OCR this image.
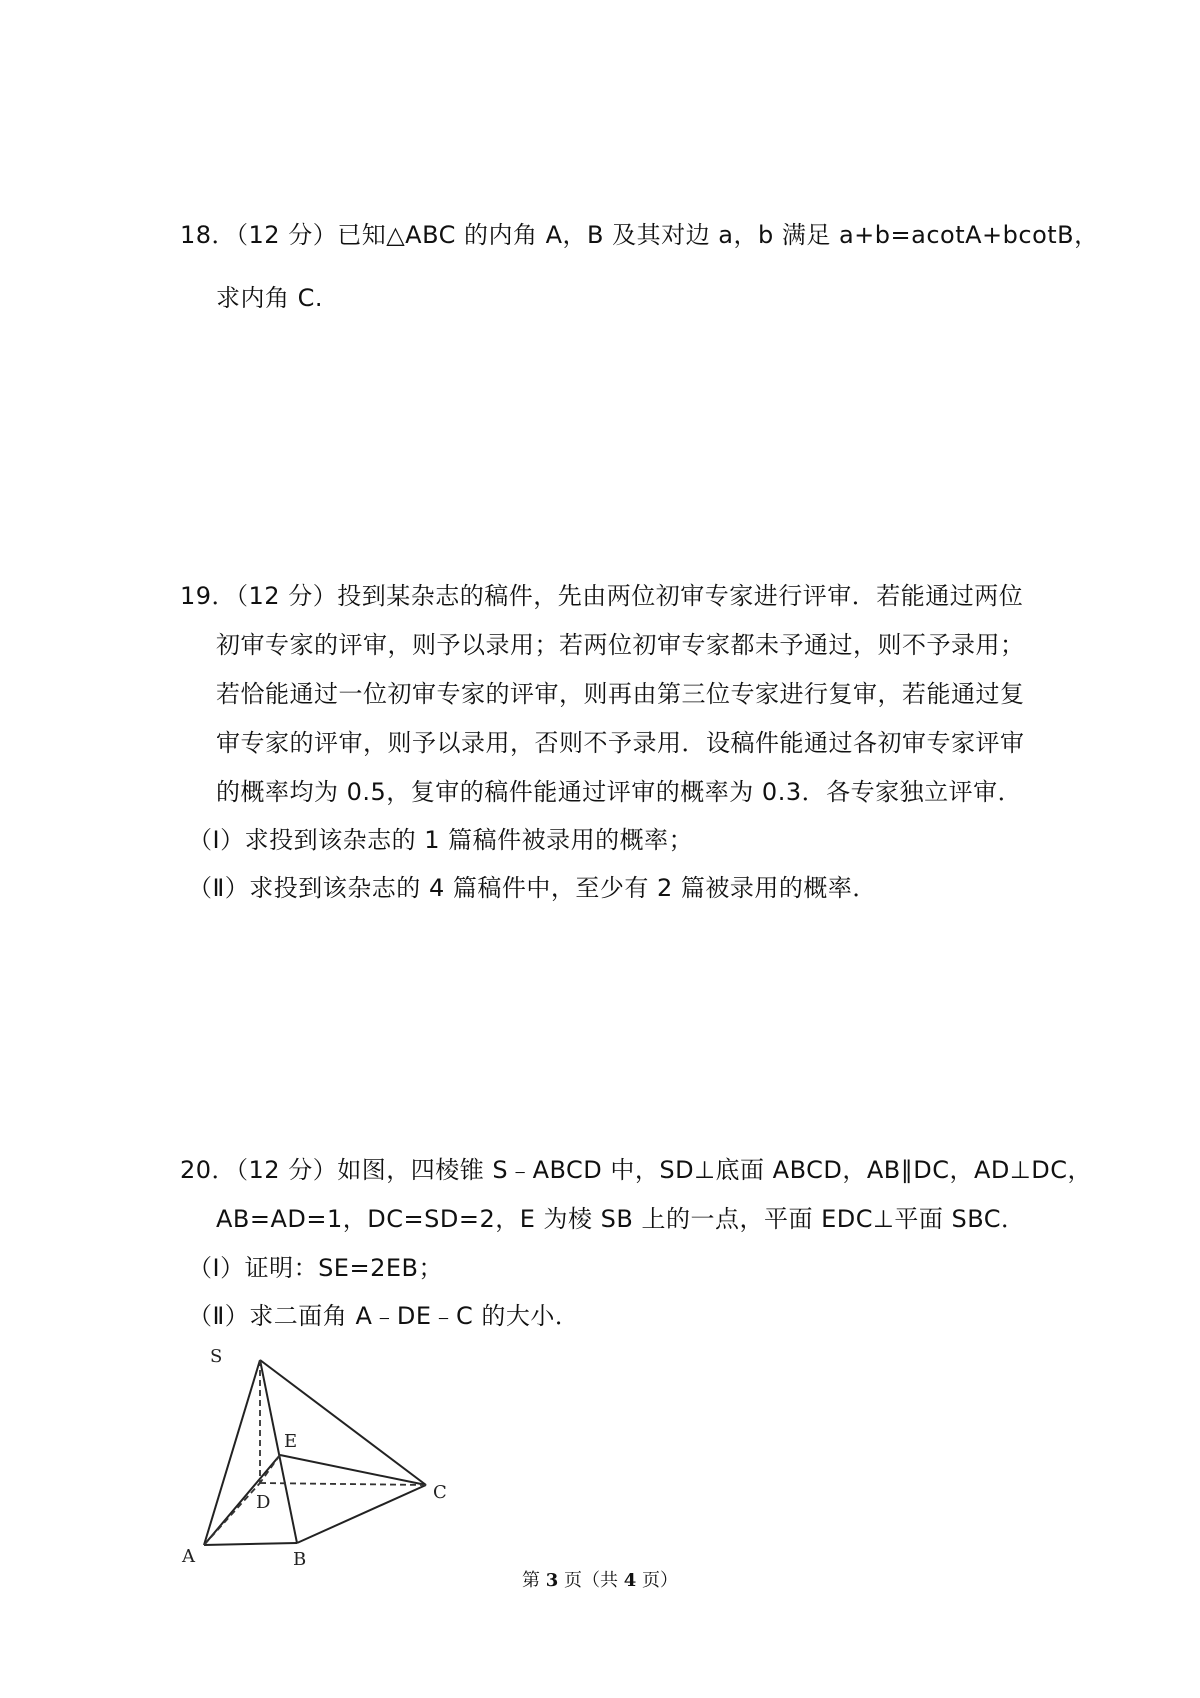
18．（12 分）已知△ABC 的内角 A，B 及其对边 a，b 满足 a+b=acotA+bcotB，
求内角 C.
19．（12 分）投到某杂志的稿件，先由两位初审专家进行评审．若能通过两位
初审专家的评审，则予以录用；若两位初审专家都未予通过，则不予录用；
若恰能通过一位初审专家的评审，则再由第三位专家进行复审，若能通过复
审专家的评审，则予以录用，否则不予录用．设稿件能通过各初审专家评审
的概率均为 0.5，复审的稿件能通过评审的概率为 0.3．各专家独立评审．
（Ⅰ）求投到该杂志的 1 篇稿件被录用的概率；
（Ⅱ）求投到该杂志的 4 篇稿件中，至少有 2 篇被录用的概率．
20．（12 分）如图，四棱锥 S﹣ABCD 中，SD⊥底面 ABCD，AB∥DC，AD⊥DC，
AB=AD=1，DC=SD=2，E 为棱 SB 上的一点，平面 EDC⊥平面 SBC．
（Ⅰ）证明：SE=2EB；
（Ⅱ）求二面角 A﹣DE﹣C 的大小．
S
E
D	C
A	B
第 3 页（共 4 页）
